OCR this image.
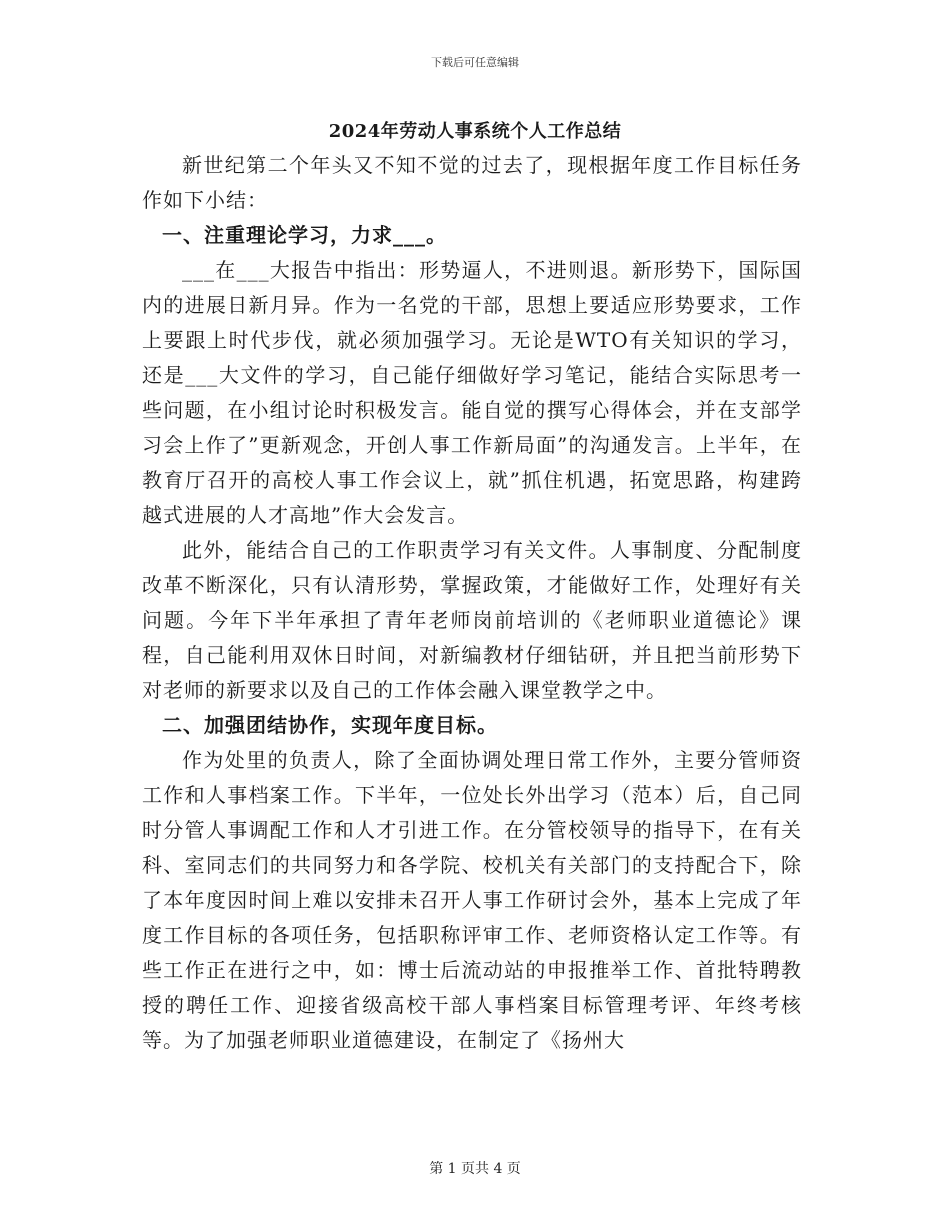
下载后可任意编辑
2024年劳动人事系统个人工作总结

新世纪第二个年头又不知不觉的过去了，现根据年度工作目标任务作如下小结：

一、注重理论学习，力求___。

___在___大报告中指出：形势逼人，不进则退。新形势下，国际国内的进展日新月异。作为一名党的干部，思想上要适应形势要求，工作上要跟上时代步伐，就必须加强学习。无论是WTO有关知识的学习，还是___大文件的学习，自己能仔细做好学习笔记，能结合实际思考一些问题，在小组讨论时积极发言。能自觉的撰写心得体会，并在支部学习会上作了”更新观念，开创人事工作新局面”的沟通发言。上半年，在教育厅召开的高校人事工作会议上，就”抓住机遇，拓宽思路，构建跨越式进展的人才高地”作大会发言。

此外，能结合自己的工作职责学习有关文件。人事制度、分配制度改革不断深化，只有认清形势，掌握政策，才能做好工作，处理好有关问题。今年下半年承担了青年老师岗前培训的《老师职业道德论》课程，自己能利用双休日时间，对新编教材仔细钻研，并且把当前形势下对老师的新要求以及自己的工作体会融入课堂教学之中。

二、加强团结协作，实现年度目标。

作为处里的负责人，除了全面协调处理日常工作外，主要分管师资工作和人事档案工作。下半年，一位处长外出学习（范本）后，自己同时分管人事调配工作和人才引进工作。在分管校领导的指导下，在有关科、室同志们的共同努力和各学院、校机关有关部门的支持配合下，除了本年度因时间上难以安排未召开人事工作研讨会外，基本上完成了年度工作目标的各项任务，包括职称评审工作、老师资格认定工作等。有些工作正在进行之中，如：博士后流动站的申报推举工作、首批特聘教授的聘任工作、迎接省级高校干部人事档案目标管理考评、年终考核等。为了加强老师职业道德建设，在制定了《扬州大

第 1 页共 4 页
